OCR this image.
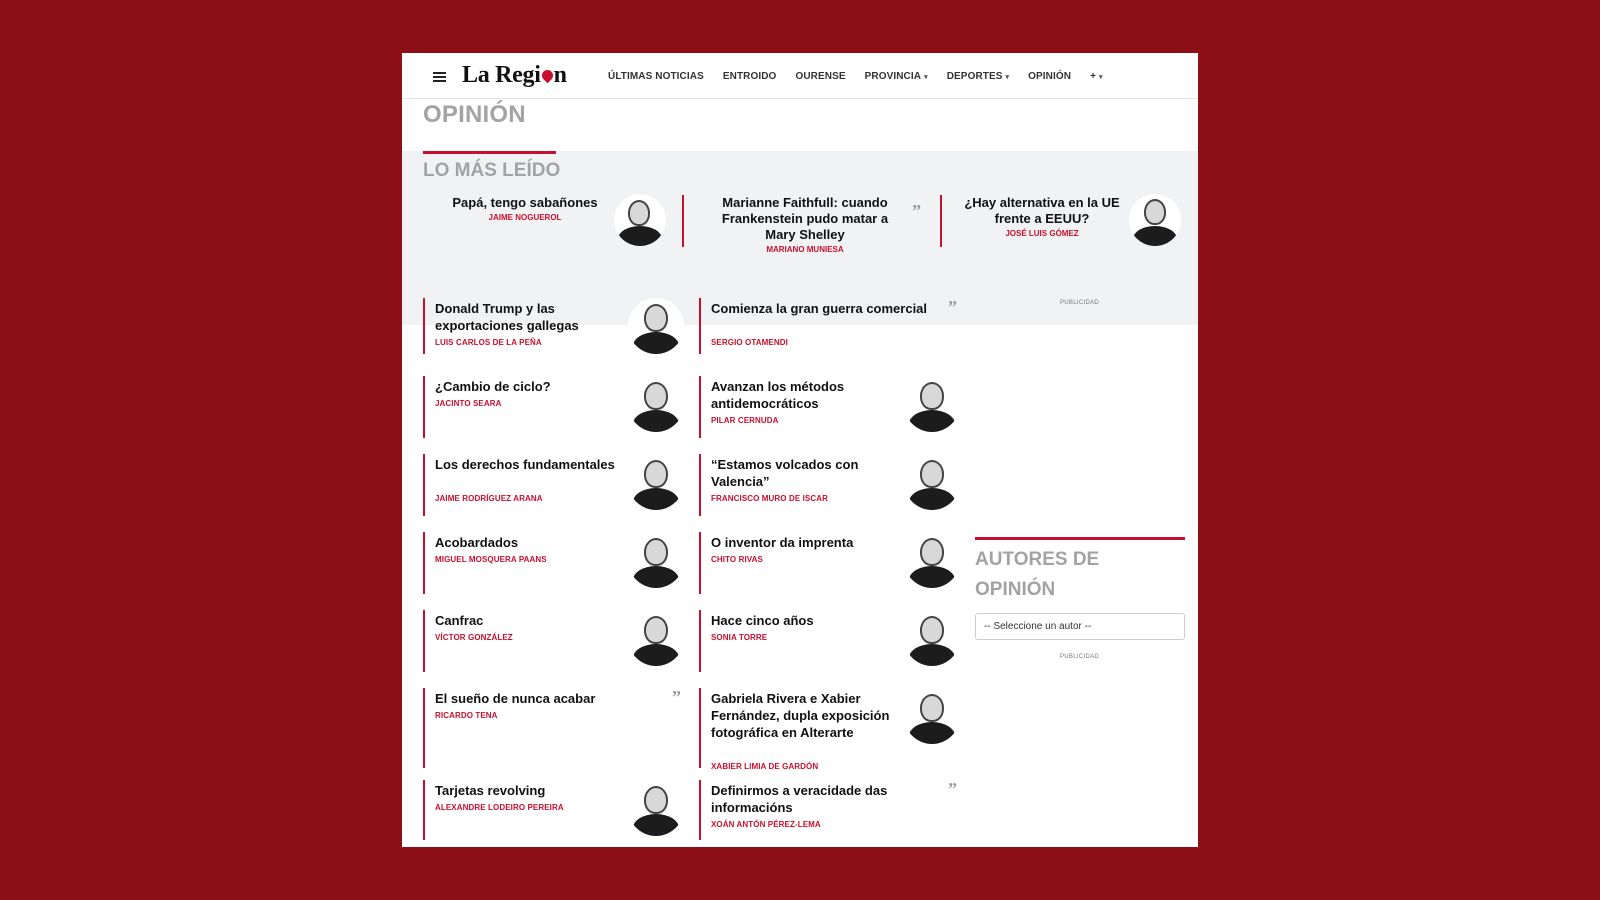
La Regi n	ÚLTIMAS NOTICIAS ENTROIDO OURENSE PROVINCIA ▾ DEPORTES ▾ OPINIÓN + ▾
OPINIÓN
LO MÁS LEÍDO
Papá, tengo sabañones
JAIME NOGUEROL
Marianne Faithfull: cuando Frankenstein pudo matar a Mary Shelley
MARIANO MUNIESA
”	¿Hay alternativa en la UE frente a EEUU?
JOSÉ LUIS GÓMEZ
Donald Trump y las exportaciones gallegas
LUIS CARLOS DE LA PEÑA
¿Cambio de ciclo?
JACINTO SEARA
Los derechos fundamentales
JAIME RODRÍGUEZ ARANA
Acobardados
MIGUEL MOSQUERA PAANS
Canfrac
VÍCTOR GONZÁLEZ
El sueño de nunca acabar
RICARDO TENA
”
Tarjetas revolving
ALEXANDRE LODEIRO PEREIRA
Comienza la gran guerra comercial
SERGIO OTAMENDI
”
Avanzan los métodos antidemocráticos
PILAR CERNUDA
“Estamos volcados con Valencia”
FRANCISCO MURO DE ISCAR
O inventor da imprenta
CHITO RIVAS
Hace cinco años
SONIA TORRE
Gabriela Rivera e Xabier Fernández, dupla exposición fotográfica en Alterarte
XABIER LIMIA DE GARDÓN
Definirmos a veracidade das informacións
XOÁN ANTÓN PÉREZ-LEMA
”
PUBLICIDAD
AUTORES DE OPINIÓN
-- Seleccione un autor --
PUBLICIDAD
